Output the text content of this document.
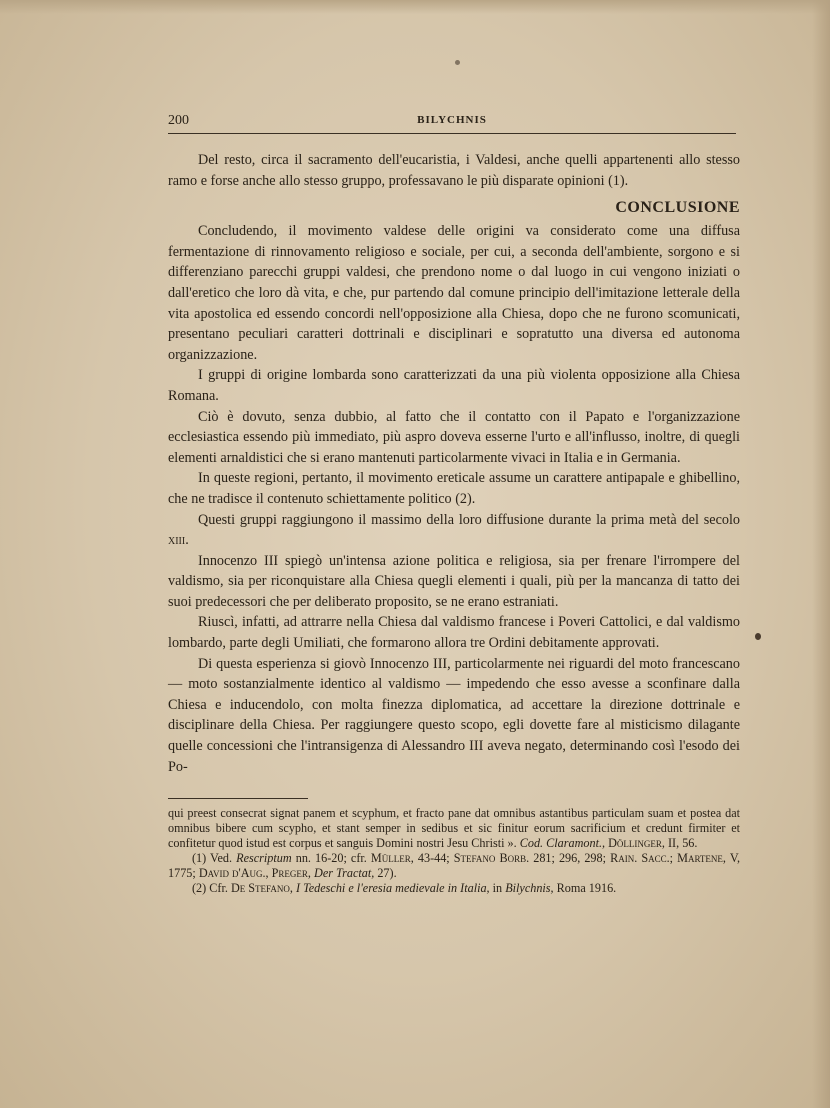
200	BILYCHNIS

Del resto, circa il sacramento dell'eucaristia, i Valdesi, anche quelli appartenenti allo stesso ramo e forse anche allo stesso gruppo, professavano le più disparate opinioni (1).

CONCLUSIONE

Concludendo, il movimento valdese delle origini va considerato come una diffusa fermentazione di rinnovamento religioso e sociale, per cui, a seconda dell'ambiente, sorgono e si differenziano parecchi gruppi valdesi, che prendono nome o dal luogo in cui vengono iniziati o dall'eretico che loro dà vita, e che, pur partendo dal comune principio dell'imitazione letterale della vita apostolica ed essendo concordi nell'opposizione alla Chiesa, dopo che ne furono scomunicati, presentano peculiari caratteri dottrinali e disciplinari e sopratutto una diversa ed autonoma organizzazione.

I gruppi di origine lombarda sono caratterizzati da una più violenta opposizione alla Chiesa Romana.

Ciò è dovuto, senza dubbio, al fatto che il contatto con il Papato e l'organizzazione ecclesiastica essendo più immediato, più aspro doveva esserne l'urto e all'influsso, inoltre, di quegli elementi arnaldistici che si erano mantenuti particolarmente vivaci in Italia e in Germania.

In queste regioni, pertanto, il movimento ereticale assume un carattere antipapale e ghibellino, che ne tradisce il contenuto schiettamente politico (2).

Questi gruppi raggiungono il massimo della loro diffusione durante la prima metà del secolo xiii.

Innocenzo III spiegò un'intensa azione politica e religiosa, sia per frenare l'irrompere del valdismo, sia per riconquistare alla Chiesa quegli elementi i quali, più per la mancanza di tatto dei suoi predecessori che per deliberato proposito, se ne erano estraniati.

Riuscì, infatti, ad attrarre nella Chiesa dal valdismo francese i Poveri Cattolici, e dal valdismo lombardo, parte degli Umiliati, che formarono allora tre Ordini debitamente approvati.

Di questa esperienza si giovò Innocenzo III, particolarmente nei riguardi del moto francescano — moto sostanzialmente identico al valdismo — impedendo che esso avesse a sconfinare dalla Chiesa e inducendolo, con molta finezza diplomatica, ad accettare la direzione dottrinale e disciplinare della Chiesa. Per raggiungere questo scopo, egli dovette fare al misticismo dilagante quelle concessioni che l'intransigenza di Alessandro III aveva negato, determinando così l'esodo dei Po-

qui preest consecrat signat panem et scyphum, et fracto pane dat omnibus astantibus particulam suam et postea dat omnibus bibere cum scypho, et stant semper in sedibus et sic finitur eorum sacrificium et credunt firmiter et confitetur quod istud est corpus et sanguis Domini nostri Jesu Christi ». Cod. Claramont., Döllinger, II, 56.

(1) Ved. Rescriptum nn. 16-20; cfr. Müller, 43-44; Stefano Borb. 281; 296, 298; Rain. Sacc.; Martene, V, 1775; David d'Aug., Preger, Der Tractat, 27).

(2) Cfr. De Stefano, I Tedeschi e l'eresia medievale in Italia, in Bilychnis, Roma 1916.
